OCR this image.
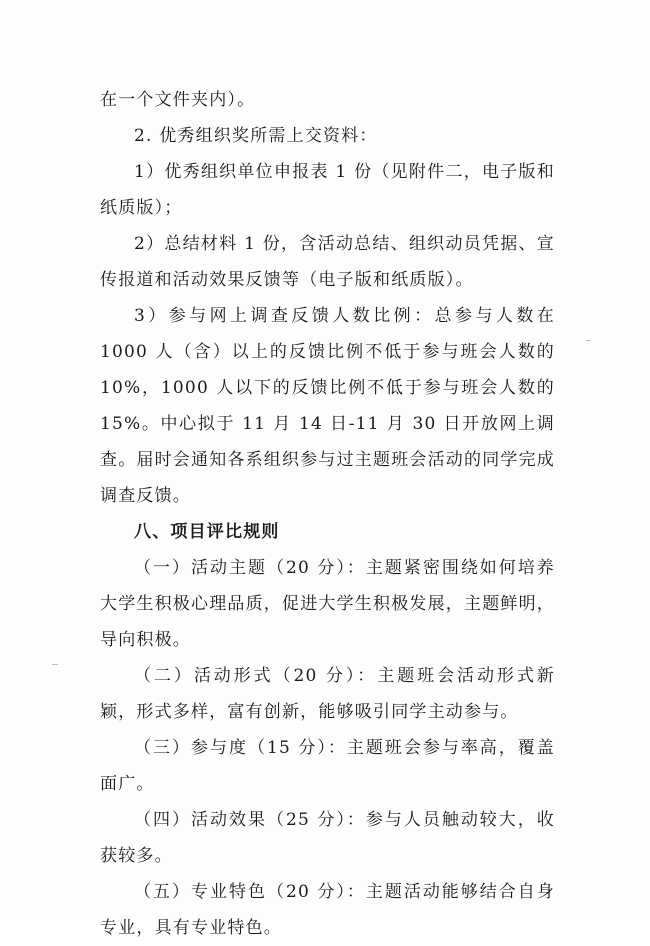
在一个文件夹内）。

2. 优秀组织奖所需上交资料：

1）优秀组织单位申报表 1 份（见附件二，电子版和纸质版）；

2）总结材料 1 份，含活动总结、组织动员凭据、宣传报道和活动效果反馈等（电子版和纸质版）。

3）参与网上调查反馈人数比例：总参与人数在 1000 人（含）以上的反馈比例不低于参与班会人数的 10%，1000 人以下的反馈比例不低于参与班会人数的 15%。中心拟于 11 月 14 日-11 月 30 日开放网上调查。届时会通知各系组织参与过主题班会活动的同学完成调查反馈。

八、项目评比规则

（一）活动主题（20 分）：主题紧密围绕如何培养大学生积极心理品质，促进大学生积极发展，主题鲜明，导向积极。

（二）活动形式（20 分）：主题班会活动形式新颖，形式多样，富有创新，能够吸引同学主动参与。

（三）参与度（15 分）：主题班会参与率高，覆盖面广。

（四）活动效果（25 分）：参与人员触动较大，收获较多。

（五）专业特色（20 分）：主题活动能够结合自身专业，具有专业特色。
